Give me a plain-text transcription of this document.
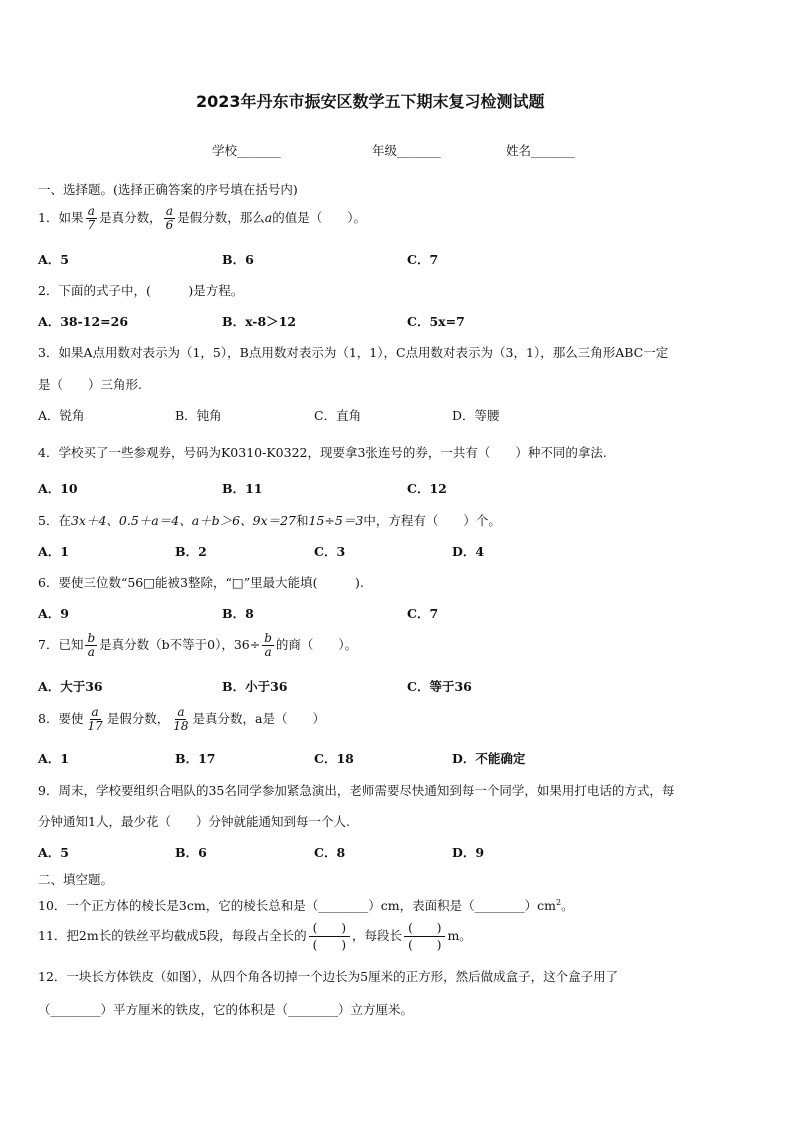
2023年丹东市振安区数学五下期末复习检测试题
学校_______	年级_______	姓名_______
一、选择题。(选择正确答案的序号填在括号内)
1．如果 $\frac{a}{7}$ 是真分数， $\frac{a}{6}$ 是假分数，那么a的值是（　　）。
A．5	B．6	C．7
2．下面的式子中，(　　　)是方程。
A．38-12=26	B．x-8＞12	C．5x=7
3．如果A点用数对表示为（1，5），B点用数对表示为（1，1），C点用数对表示为（3，1），那么三角形ABC一定
是（　　）三角形.
A．锐角	B．钝角	C．直角	D．等腰
4．学校买了一些参观券，号码为K0310-K0322，现要拿3张连号的券，一共有（　　）种不同的拿法.
A．10	B．11	C．12
5．在3x＋4、0.5＋a＝4、a＋b＞6、9x＝27和15÷5＝3中，方程有（　　）个。
A．1	B．2	C．3	D．4
6．要使三位数“56□能被3整除，“□”里最大能填(　　　).
A．9	B．8	C．7
7．已知 $\frac{b}{a}$ 是真分数（b不等于0），$36\div \frac{b}{a}$ 的商（　　）。
A．大于36	B．小于36	C．等于36
8．要使 $\frac{a}{17}$ 是假分数， $\frac{a}{18}$ 是真分数，a是（　　）
A．1	B．17	C．18	D．不能确定
9．周末，学校要组织合唱队的35名同学参加紧急演出，老师需要尽快通知到每一个同学，如果用打电话的方式，每
分钟通知1人，最少花（　　）分钟就能通知到每一个人.
A．5	B．6	C．8	D．9
二、填空题。
10．一个正方体的棱长是3cm，它的棱长总和是（________）cm，表面积是$(\_\_\_\_\_\_\_\_)cm^2$。
11．把2m长的铁丝平均截成5段，每段占全长的 $\frac{( )}{( )}$ ，每段长 $\frac{( )}{( )}$ m。
12．一块长方体铁皮（如图），从四个角各切掉一个边长为5厘米的正方形，然后做成盒子，这个盒子用了
（________）平方厘米的铁皮，它的体积是（________）立方厘米。
